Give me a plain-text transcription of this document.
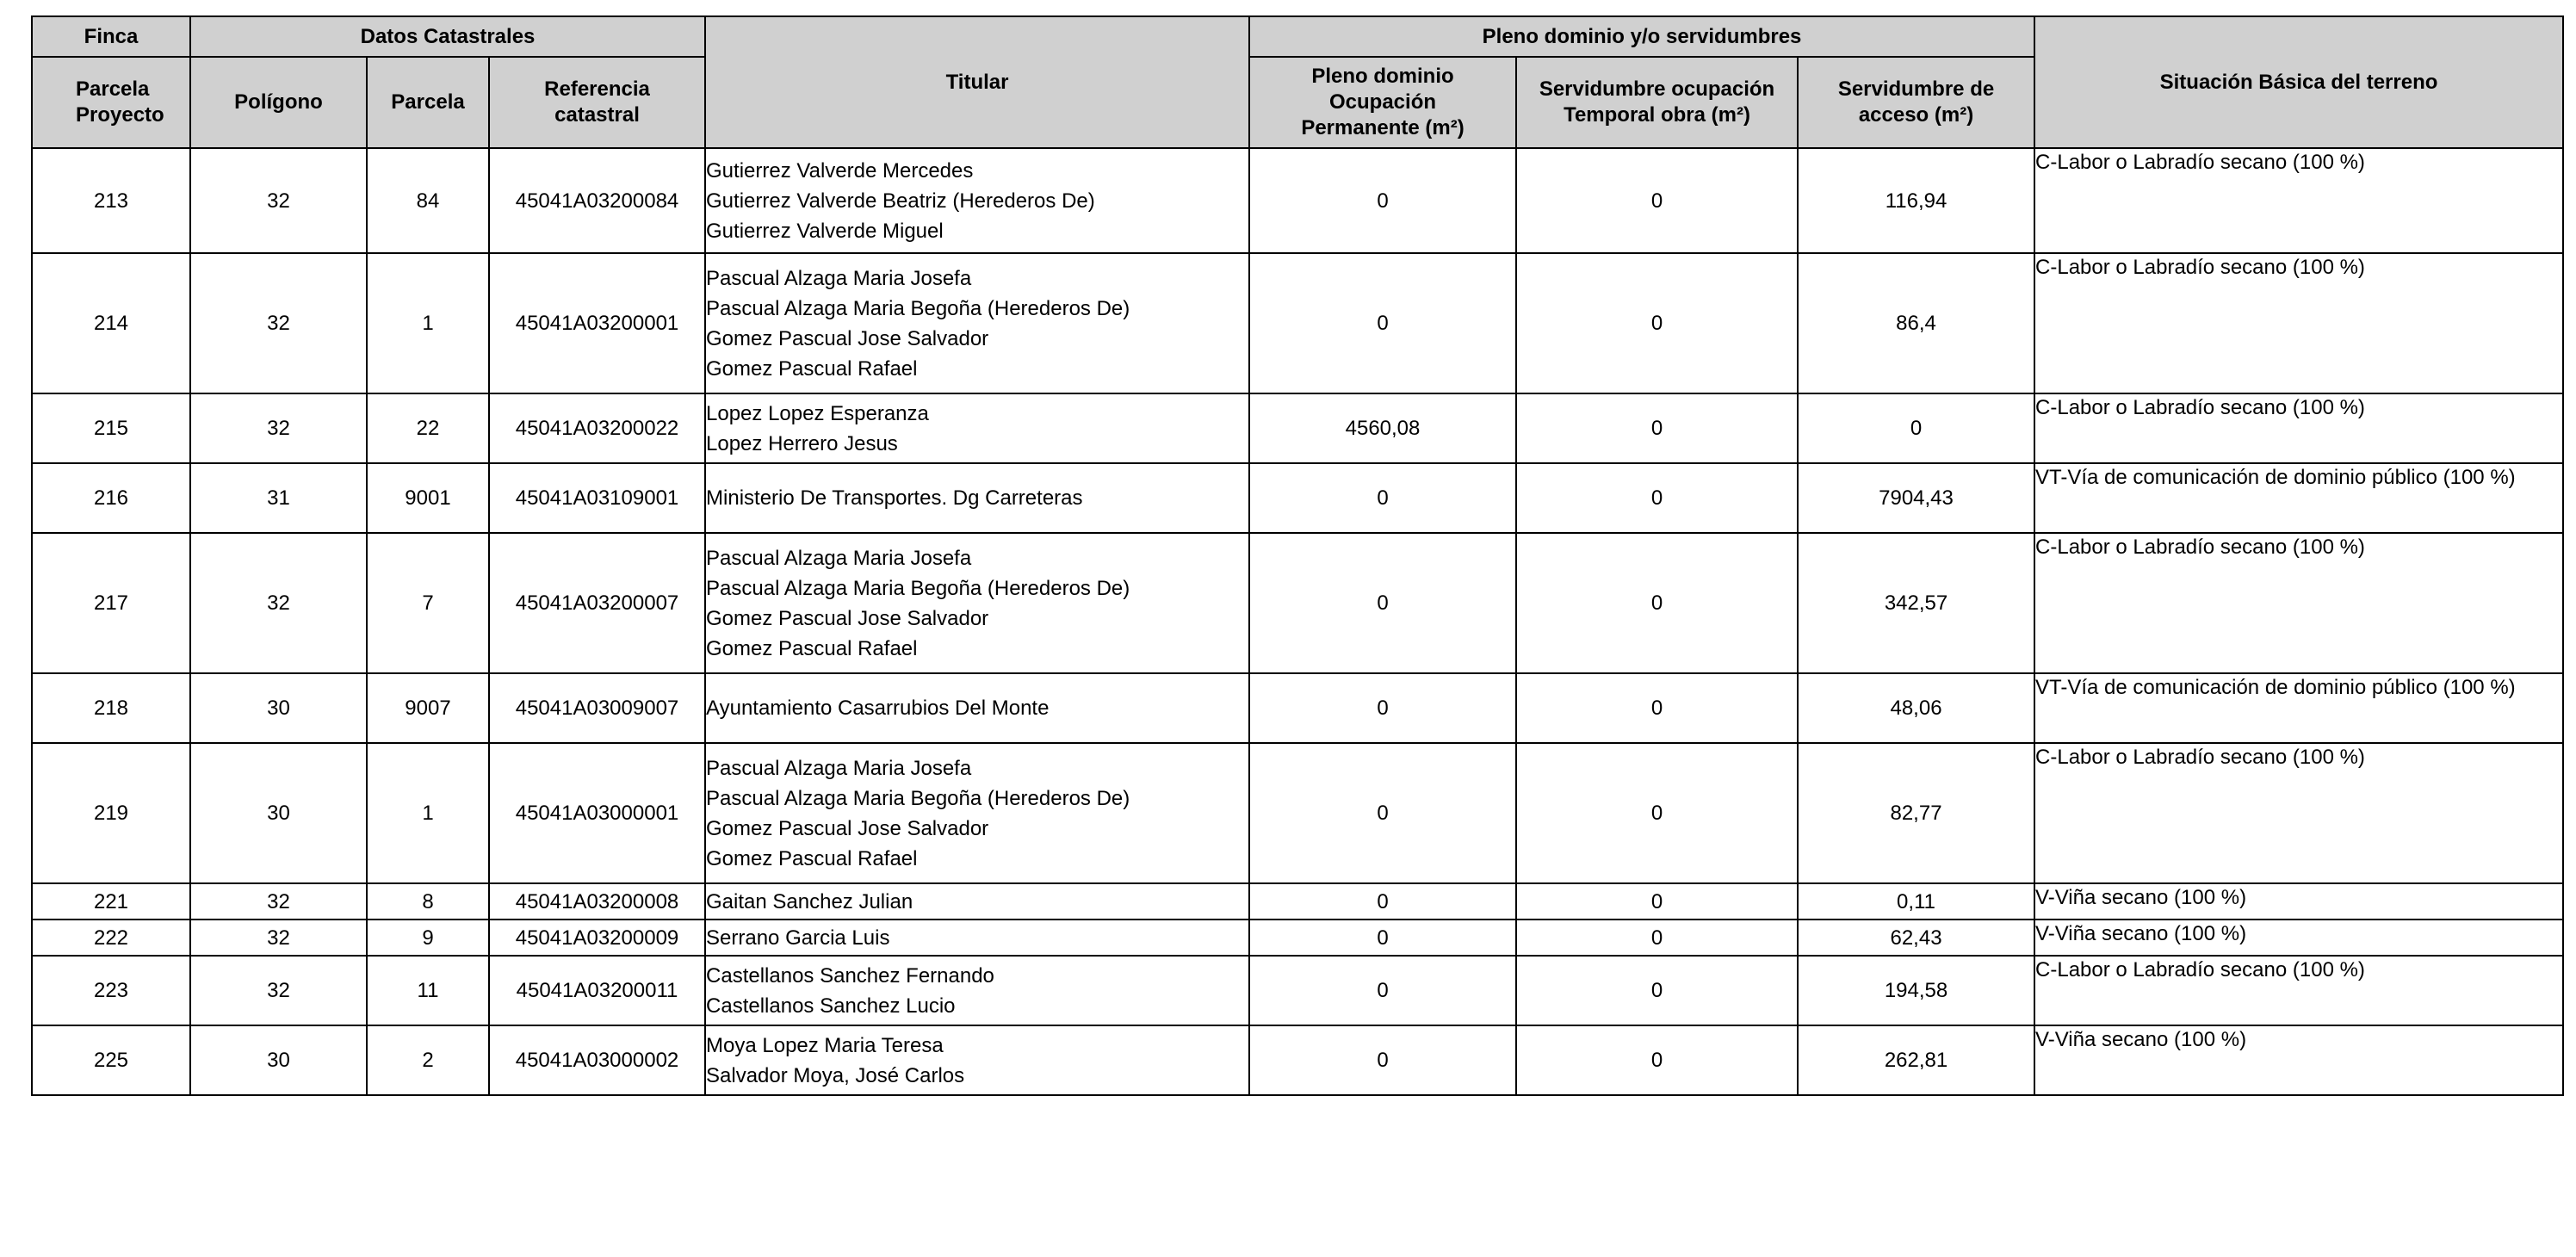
Finca	Datos Catastrales			Titular	Pleno dominio y/o servidumbres			Situación Básica del terreno
Parcela Proyecto	Polígono	Parcela	Referencia catastral		Pleno dominio Ocupación Permanente (m²)	Servidumbre ocupación Temporal obra (m²)	Servidumbre de acceso (m²)	
213	32	84	45041A03200084	Gutierrez Valverde Mercedes
Gutierrez Valverde Beatriz (Herederos De)
Gutierrez Valverde Miguel	0	0	116,94	C-Labor o Labradío secano (100 %)
214	32	1	45041A03200001	Pascual Alzaga Maria Josefa
Pascual Alzaga Maria Begoña (Herederos De)
Gomez Pascual Jose Salvador
Gomez Pascual Rafael	0	0	86,4	C-Labor o Labradío secano (100 %)
215	32	22	45041A03200022	Lopez Lopez Esperanza
Lopez Herrero Jesus	4560,08	0	0	C-Labor o Labradío secano (100 %)
216	31	9001	45041A03109001	Ministerio De Transportes. Dg Carreteras	0	0	7904,43	VT-Vía de comunicación de dominio público (100 %)
217	32	7	45041A03200007	Pascual Alzaga Maria Josefa
Pascual Alzaga Maria Begoña (Herederos De)
Gomez Pascual Jose Salvador
Gomez Pascual Rafael	0	0	342,57	C-Labor o Labradío secano (100 %)
218	30	9007	45041A03009007	Ayuntamiento Casarrubios Del Monte	0	0	48,06	VT-Vía de comunicación de dominio público (100 %)
219	30	1	45041A03000001	Pascual Alzaga Maria Josefa
Pascual Alzaga Maria Begoña (Herederos De)
Gomez Pascual Jose Salvador
Gomez Pascual Rafael	0	0	82,77	C-Labor o Labradío secano (100 %)
221	32	8	45041A03200008	Gaitan Sanchez Julian	0	0	0,11	V-Viña secano (100 %)
222	32	9	45041A03200009	Serrano Garcia Luis	0	0	62,43	V-Viña secano (100 %)
223	32	11	45041A03200011	Castellanos Sanchez Fernando
Castellanos Sanchez Lucio	0	0	194,58	C-Labor o Labradío secano (100 %)
225	30	2	45041A03000002	Moya Lopez Maria Teresa
Salvador Moya, José Carlos	0	0	262,81	V-Viña secano (100 %)
